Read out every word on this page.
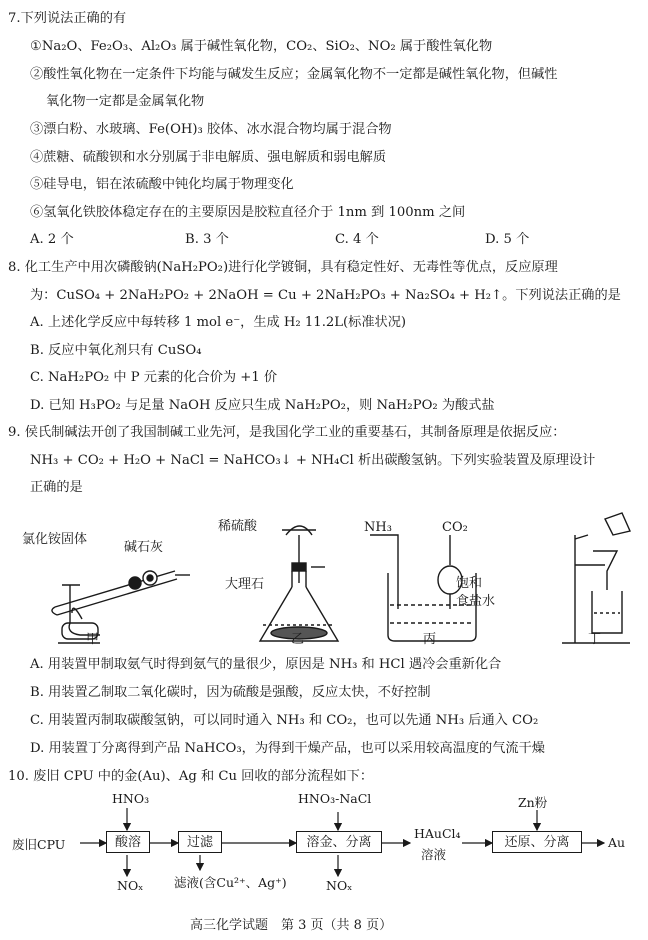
7.下列说法正确的有
①Na₂O、Fe₂O₃、Al₂O₃ 属于碱性氧化物，CO₂、SiO₂、NO₂ 属于酸性氧化物
②酸性氧化物在一定条件下均能与碱发生反应；金属氧化物不一定都是碱性氧化物，但碱性
氧化物一定都是金属氧化物
③漂白粉、水玻璃、Fe(OH)₃ 胶体、冰水混合物均属于混合物
④蔗糖、硫酸钡和水分别属于非电解质、强电解质和弱电解质
⑤硅导电，铝在浓硫酸中钝化均属于物理变化
⑥氢氧化铁胶体稳定存在的主要原因是胶粒直径介于 1nm 到 100nm 之间
A. 2 个	B. 3 个	C. 4 个	D. 5 个
8. 化工生产中用次磷酸钠(NaH₂PO₂)进行化学镀铜，具有稳定性好、无毒性等优点，反应原理
为：CuSO₄ + 2NaH₂PO₂ + 2NaOH = Cu + 2NaH₂PO₃ + Na₂SO₄ + H₂↑。下列说法正确的是
A. 上述化学反应中每转移 1 mol e⁻，生成 H₂ 11.2L(标准状况)
B. 反应中氧化剂只有 CuSO₄
C. NaH₂PO₂ 中 P 元素的化合价为 +1 价
D. 已知 H₃PO₂ 与足量 NaOH 反应只生成 NaH₂PO₂，则 NaH₂PO₂ 为酸式盐
9. 侯氏制碱法开创了我国制碱工业先河，是我国化学工业的重要基石，其制备原理是依据反应：
NH₃ + CO₂ + H₂O + NaCl = NaHCO₃↓ + NH₄Cl 析出碳酸氢钠。下列实验装置及原理设计
正确的是
氯化铵固体
碱石灰
稀硫酸
大理石
NH₃	CO₂
饱和
食盐水
甲	乙	丙	丁
A. 用装置甲制取氨气时得到氨气的量很少，原因是 NH₃ 和 HCl 遇冷会重新化合
B. 用装置乙制取二氧化碳时，因为硫酸是强酸，反应太快，不好控制
C. 用装置丙制取碳酸氢钠，可以同时通入 NH₃ 和 CO₂，也可以先通 NH₃ 后通入 CO₂
D. 用装置丁分离得到产品 NaHCO₃，为得到干燥产品，也可以采用较高温度的气流干燥
10. 废旧 CPU 中的金(Au)、Ag 和 Cu 回收的部分流程如下：
废旧CPU
HNO₃
酸溶
NOₓ
过滤
滤液(含Cu²⁺、Ag⁺)
HNO₃-NaCl
溶金、分离
NOₓ
HAuCl₄
溶液
Zn粉
还原、分离	Au
高三化学试题　第 3 页（共 8 页）
